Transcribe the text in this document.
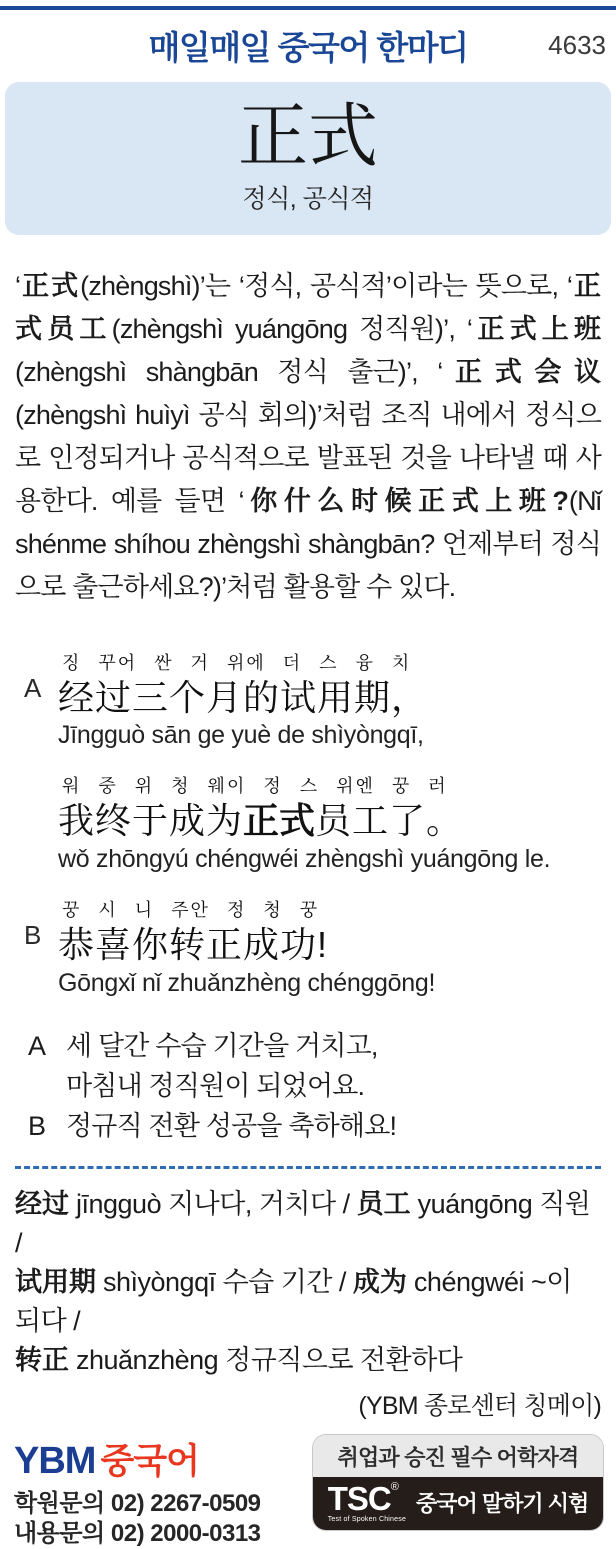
매일매일 중국어 한마디	4633
正式
정식, 공식적
‘正式(zhèngshì)’는 ‘정식, 공식적’이라는 뜻으로, ‘正式员工(zhèngshì yuángōng 정직원)’, ‘正式上班(zhèngshì shàngbān 정식 출근)’, ‘正式会议(zhèngshì huìyì 공식 회의)’처럼 조직 내에서 정식으로 인정되거나 공식적으로 발표된 것을 나타낼 때 사용한다. 예를 들면 ‘你什么时候正式上班?(Nǐ shénme shíhou zhèngshì shàngbān? 언제부터 정식으로 출근하세요?)’처럼 활용할 수 있다.
A
징 꾸어 싼 거 위에 더 스 융 치
经过三个月的试用期，
Jīngguò sān ge yuè de shìyòngqī,
워 중 위 청 웨이 정 스 위엔 꿍 러
我终于成为正式员工了。
wǒ zhōngyú chéngwéi zhèngshì yuángōng le.
B
꿍 시 니 주안 정 청 꿍
恭喜你转正成功!
Gōngxǐ nǐ zhuǎnzhèng chénggōng!
A 세 달간 수습 기간을 거치고,
마침내 정직원이 되었어요.
B 정규직 전환 성공을 축하해요!
经过 jīngguò 지나다, 거치다 / 员工 yuángōng 직원 /
试用期 shìyòngqī 수습 기간 / 成为 chéngwéi ~이 되다 /
转正 zhuǎnzhèng 정규직으로 전환하다
(YBM 종로센터 칭메이)
YBM 중국어
학원문의 02) 2267-0509
내용문의 02) 2000-0313
취업과 승진 필수 어학자격
TSC®
Test of Spoken Chinese
중국어 말하기 시험
